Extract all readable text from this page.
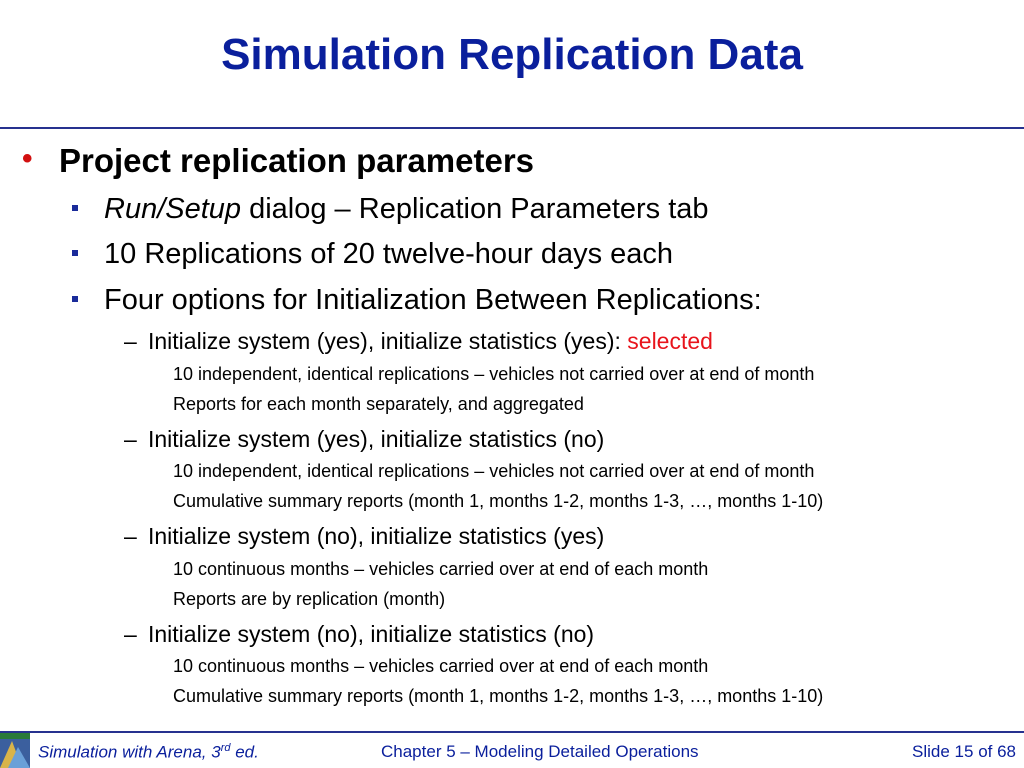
Simulation Replication Data
• Project replication parameters
Run/Setup dialog – Replication Parameters tab
10 Replications of 20 twelve-hour days each
Four options for Initialization Between Replications:
– Initialize system (yes), initialize statistics (yes): selected
10 independent, identical replications – vehicles not carried over at end of month
Reports for each month separately, and aggregated
– Initialize system (yes), initialize statistics (no)
10 independent, identical replications – vehicles not carried over at end of month
Cumulative summary reports (month 1, months 1-2, months 1-3, …, months 1-10)
– Initialize system (no), initialize statistics (yes)
10 continuous months – vehicles carried over at end of each month
Reports are by replication (month)
– Initialize system (no), initialize statistics (no)
10 continuous months – vehicles carried over at end of each month
Cumulative summary reports (month 1, months 1-2, months 1-3, …, months 1-10)
Simulation with Arena, 3rd ed.	Chapter 5 – Modeling Detailed Operations	Slide 15 of 68
